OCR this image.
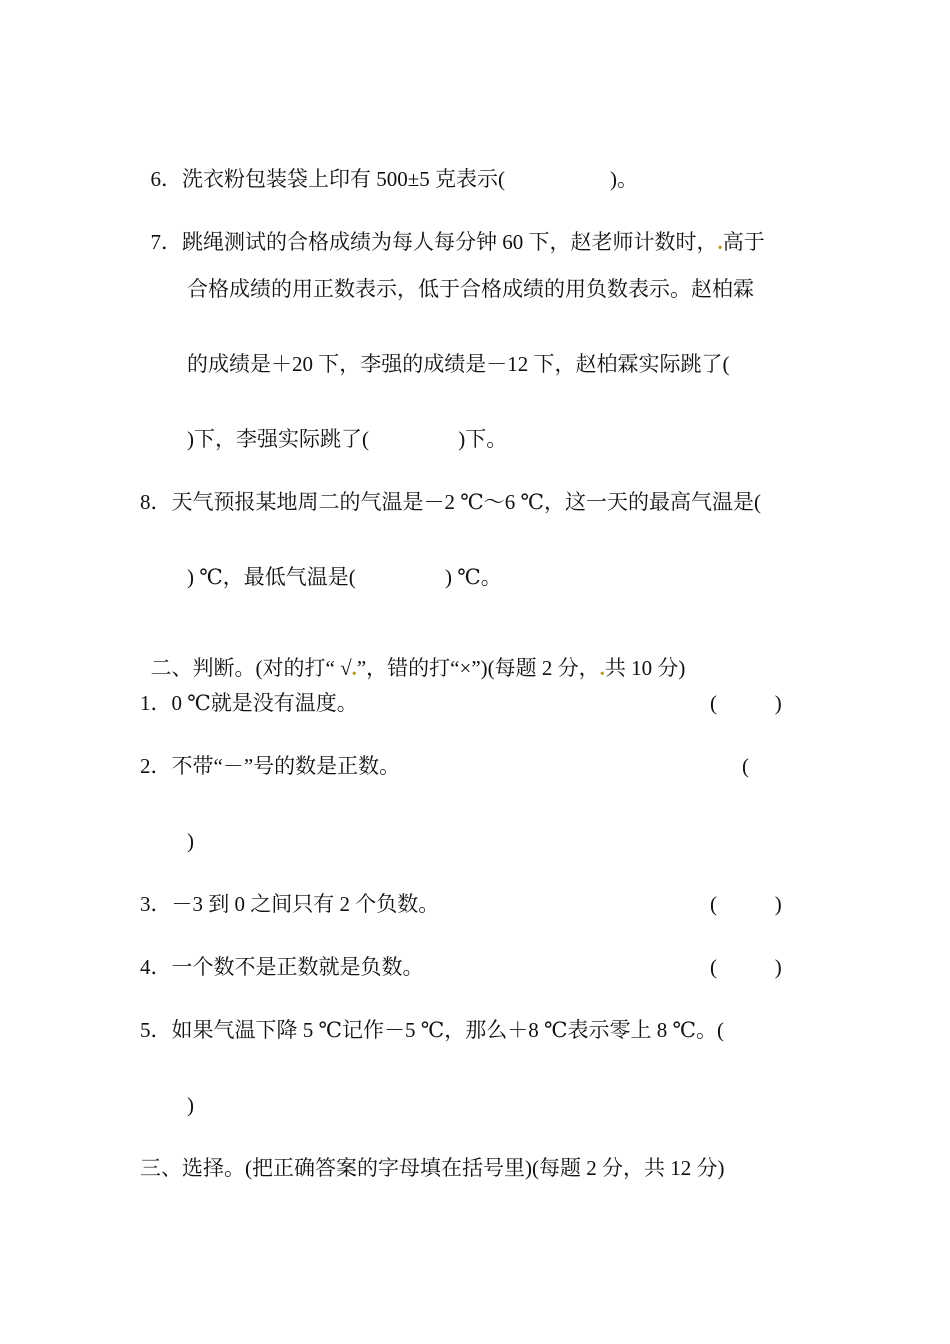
6．洗衣粉包装袋上印有 500±5 克表示(	)。

7．跳绳测试的合格成绩为每人每分钟 60 下，赵老师计数时，.高于

合格成绩的用正数表示，低于合格成绩的用负数表示。赵柏霖
的成绩是＋20 下，李强的成绩是－12 下，赵柏霖实际跳了(
)下，李强实际跳了(                 )下。
8．天气预报某地周二的气温是－2 ℃～6 ℃，这一天的最高气温是(
) ℃，最低气温是(                 ) ℃。

二、判断。(对的打“ √.”，错的打“×”)(每题 2 分，.共 10 分)

1．0 ℃就是没有温度。	(           )
2．不带“－”号的数是正数。	(
)
3．－3 到 0 之间只有 2 个负数。	(           )
4．一个数不是正数就是负数。	(           )
5．如果气温下降 5 ℃记作－5 ℃，那么＋8 ℃表示零上 8 ℃。(
)
三、选择。(把正确答案的字母填在括号里)(每题 2 分，共 12 分)
